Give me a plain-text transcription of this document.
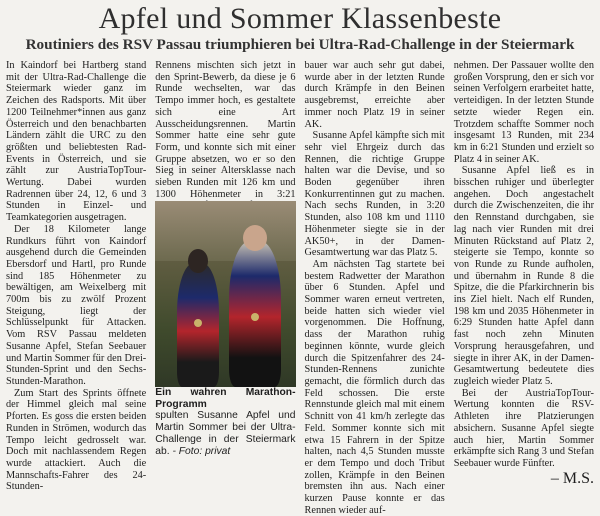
Apfel und Sommer Klassenbeste
Routiniers des RSV Passau triumphieren bei Ultra-Rad-Challenge in der Steiermark

In Kaindorf bei Hartberg stand mit der Ultra-Rad-Challenge die Steiermark wieder ganz im Zeichen des Radsports. Mit über 1200 Teilnehmer*innen aus ganz Österreich und den benachbarten Ländern zählt die URC zu den größten und beliebtesten Rad-Events in Österreich, und sie zählt zur AustriaTopTour-Wertung. Dabei wurden Radrennen über 24, 12, 6 und 3 Stunden in Einzel- und Teamkategorien ausgetragen.

Der 18 Kilometer lange Rundkurs führt von Kaindorf ausgehend durch die Gemeinden Ebersdorf und Hartl, pro Runde sind 185 Höhenmeter zu bewältigen, am Weixelberg mit 700m bis zu zwölf Prozent Steigung, liegt der Schlüsselpunkt für Attacken. Vom RSV Passau meldeten Susanne Apfel, Stefan Seebauer und Martin Sommer für den Drei-Stunden-Sprint und den Sechs-Stunden-Marathon.

Zum Start des Sprints öffnete der Himmel gleich mal seine Pforten. Es goss die ersten beiden Runden in Strömen, wodurch das Tempo leicht gedrosselt war. Doch mit nachlassendem Regen wurde attackiert. Auch die Mannschafts-Fahrer des 24-Stunden-

Rennens mischten sich jetzt in den Sprint-Bewerb, da diese je 6 Runde wechselten, war das Tempo immer hoch, es gestaltete sich eine Art Ausscheidungsrennen. Martin Sommer hatte eine sehr gute Form, und konnte sich mit einer Gruppe absetzen, wo er so den Sieg in seiner Altersklasse nach sieben Runden mit 126 km und 1300 Höhenmeter in 3:21

Ein wahren Marathon-Programm
spulten Susanne Apfel und Martin Sommer bei der Ultra-Challenge in der Steiermark ab. - Foto: privat

bauer war auch sehr gut dabei, wurde aber in der letzten Runde durch Krämpfe in den Beinen ausgebremst, erreichte aber immer noch Platz 19 in seiner AK.

Susanne Apfel kämpfte sich mit sehr viel Ehrgeiz durch das Rennen, die richtige Gruppe halten war die Devise, und so Boden gegenüber ihren Konkurrentinnen gut zu machen. Nach sechs Runden, in 3:20 Stunden, also 108 km und 1110 Höhenmeter siegte sie in der AK50+, in der Damen-Gesamtwertung war das Platz 5.

Am nächsten Tag startete bei bestem Radwetter der Marathon über 6 Stunden. Apfel und Sommer waren erneut vertreten, beide hatten sich wieder viel vorgenommen. Die Hoffnung, dass der Marathon ruhig beginnen könnte, wurde gleich durch die Spitzenfahrer des 24-Stunden-Rennens zunichte gemacht, die förmlich durch das Feld schossen. Die erste Rennstunde gleich mal mit einem Schnitt von 41 km/h zerlegte das Feld. Sommer konnte sich mit etwa 15 Fahrern in der Spitze halten, nach 4,5 Stunden musste er dem Tempo und doch Tribut zollen, Krämpfe in den Beinen bremsten ihn aus. Nach einer kurzen Pause konnte er das Rennen wieder auf-

nehmen. Der Passauer wollte den großen Vorsprung, den er sich vor seinen Verfolgern erarbeitet hatte, verteidigen. In der letzten Stunde setzte wieder Regen ein. Trotzdem schaffte Sommer noch insgesamt 13 Runden, mit 234 km in 6:21 Stunden und erzielt so Platz 4 in seiner AK.

Susanne Apfel ließ es in bisschen ruhiger und überlegter angehen. Doch angestachelt durch die Zwischenzeiten, die ihr den Rennstand durchgaben, sie lag nach vier Runden mit drei Minuten Rückstand auf Platz 2, steigerte sie Tempo, konnte so von Runde zu Runde aufholen, und übernahm in Runde 8 die Spitze, die die Pfarkirchnerin bis ins Ziel hielt. Nach elf Runden, 198 km und 2035 Höhenmeter in 6:29 Stunden hatte Apfel dann fast noch zehn Minuten Vorsprung herausgefahren, und siegte in ihrer AK, in der Damen-Gesamtwertung bedeutete dies zugleich wieder Platz 5.

Bei der AustriaTopTour-Wertung konnten die RSV-Athleten ihre Platzierungen absichern. Susanne Apfel siegte auch hier, Martin Sommer erkämpfte sich Rang 3 und Stefan Seebauer wurde Fünfter.

– M.S.
